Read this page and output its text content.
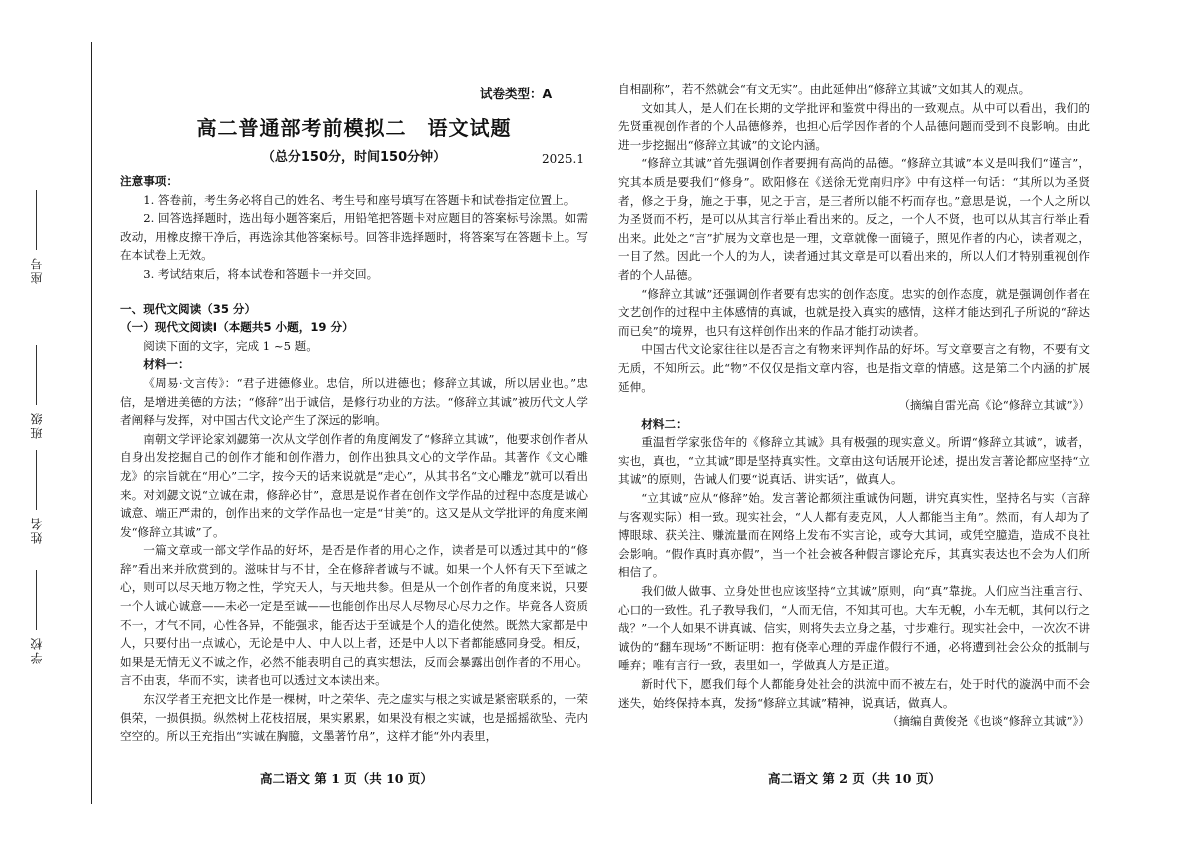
座号
班级
姓名
学校
试卷类型：A
高二普通部考前模拟二　语文试题
（总分150分，时间150分钟）	2025.1

注意事项：

1. 答卷前，考生务必将自己的姓名、考生号和座号填写在答题卡和试卷指定位置上。

2. 回答选择题时，选出每小题答案后，用铅笔把答题卡对应题目的答案标号涂黑。如需改动，用橡皮擦干净后，再选涂其他答案标号。回答非选择题时，将答案写在答题卡上。写在本试卷上无效。

3. 考试结束后，将本试卷和答题卡一并交回。

一、现代文阅读（35 分）

（一）现代文阅读Ⅰ（本题共5 小题，19 分）

阅读下面的文字，完成 1 ~5 题。

材料一：

《周易·文言传》：“君子进德修业。忠信，所以进德也；修辞立其诚，所以居业也。”忠信，是增进美德的方法；“修辞”出于诚信，是修行功业的方法。“修辞立其诚”被历代文人学者阐释与发挥，对中国古代文论产生了深远的影响。

南朝文学评论家刘勰第一次从文学创作者的角度阐发了“修辞立其诚”，他要求创作者从自身出发挖掘自己的创作才能和创作潜力，创作出独具文心的文学作品。其著作《文心雕龙》的宗旨就在“用心”二字，按今天的话来说就是“走心”，从其书名“文心雕龙”就可以看出来。对刘勰文说“立诚在肃，修辞必甘”，意思是说作者在创作文学作品的过程中态度是诚心诚意、端正严肃的，创作出来的文学作品也一定是“甘美”的。这又是从文学批评的角度来阐发“修辞立其诚”了。

一篇文章或一部文学作品的好坏，是否是作者的用心之作，读者是可以透过其中的“修辞”看出来并欣赏到的。滋味甘与不甘，全在修辞者诚与不诚。如果一个人怀有天下至诚之心，则可以尽天地万物之性，学究天人，与天地共参。但是从一个创作者的角度来说，只要一个人诚心诚意——未必一定是至诚——也能创作出尽人尽物尽心尽力之作。毕竟各人资质不一，才气不同，心性各异，不能强求，能否达于至诚是个人的造化使然。既然大家都是中人，只要付出一点诚心，无论是中人、中人以上者，还是中人以下者都能感同身受。相反，如果是无情无义不诚之作，必然不能表明自己的真实想法，反而会暴露出创作者的不用心。言不由衷，华而不实，读者也可以透过文本读出来。

东汉学者王充把文比作是一棵树，叶之荣华、壳之虚实与根之实诚是紧密联系的，一荣俱荣，一损俱损。纵然树上花枝招展，果实累累，如果没有根之实诚，也是摇摇欲坠、壳内空空的。所以王充指出“实诚在胸臆，文墨著竹帛”，这样才能“外内表里，

自相副称”，若不然就会“有文无实”。由此延伸出“修辞立其诚”文如其人的观点。

文如其人，是人们在长期的文学批评和鉴赏中得出的一致观点。从中可以看出，我们的先贤重视创作者的个人品德修养，也担心后学因作者的个人品德问题而受到不良影响。由此进一步挖掘出“修辞立其诚”的文论内涵。

“修辞立其诚”首先强调创作者要拥有高尚的品德。“修辞立其诚”本义是叫我们“谨言”，究其本质是要我们“修身”。欧阳修在《送徐无党南归序》中有这样一句话：“其所以为圣贤者，修之于身，施之于事，见之于言，是三者所以能不朽而存也。”意思是说，一个人之所以为圣贤而不朽，是可以从其言行举止看出来的。反之，一个人不贤，也可以从其言行举止看出来。此处之“言”扩展为文章也是一理，文章就像一面镜子，照见作者的内心，读者观之，一目了然。因此一个人的为人，读者通过其文章是可以看出来的，所以人们才特别重视创作者的个人品德。

“修辞立其诚”还强调创作者要有忠实的创作态度。忠实的创作态度，就是强调创作者在文艺创作的过程中主体感情的真诚，也就是投入真实的感情，这样才能达到孔子所说的“辞达而已矣”的境界，也只有这样创作出来的作品才能打动读者。

中国古代文论家往往以是否言之有物来评判作品的好坏。写文章要言之有物，不要有文无质，不知所云。此“物”不仅仅是指文章内容，也是指文章的情感。这是第二个内涵的扩展延伸。

（摘编自雷光高《论“修辞立其诚”》）

材料二：

重温哲学家张岱年的《修辞立其诚》具有极强的现实意义。所谓“修辞立其诚”，诚者，实也，真也，“立其诚”即是坚持真实性。文章由这句话展开论述，提出发言著论都应坚持“立其诚”的原则，告诫人们要“说真话、讲实话”，做真人。

“立其诚”应从“修辞”始。发言著论都须注重诚伪问题，讲究真实性，坚持名与实（言辞与客观实际）相一致。现实社会，“人人都有麦克风，人人都能当主角”。然而，有人却为了博眼球、获关注、赚流量而在网络上发布不实言论，或夸大其词，或凭空臆造，造成不良社会影响。“假作真时真亦假”，当一个社会被各种假言谬论充斥，其真实表达也不会为人们所相信了。

我们做人做事、立身处世也应该坚持“立其诚”原则，向“真”靠拢。人们应当注重言行、心口的一致性。孔子教导我们，“人而无信，不知其可也。大车无輗，小车无軏，其何以行之哉？”一个人如果不讲真诚、信实，则将失去立身之基，寸步难行。现实社会中，一次次不讲诚伪的“翻车现场”不断证明：抱有侥幸心理的弄虚作假行不通，必将遭到社会公众的抵制与唾弃；唯有言行一致，表里如一，学做真人方是正道。

新时代下，愿我们每个人都能身处社会的洪流中而不被左右，处于时代的漩涡中而不会迷失，始终保持本真，发扬“修辞立其诚”精神，说真话，做真人。

（摘编自黄俊尧《也谈“修辞立其诚”》）

高二语文 第 1 页（共 10 页）	高二语文 第 2 页（共 10 页）
